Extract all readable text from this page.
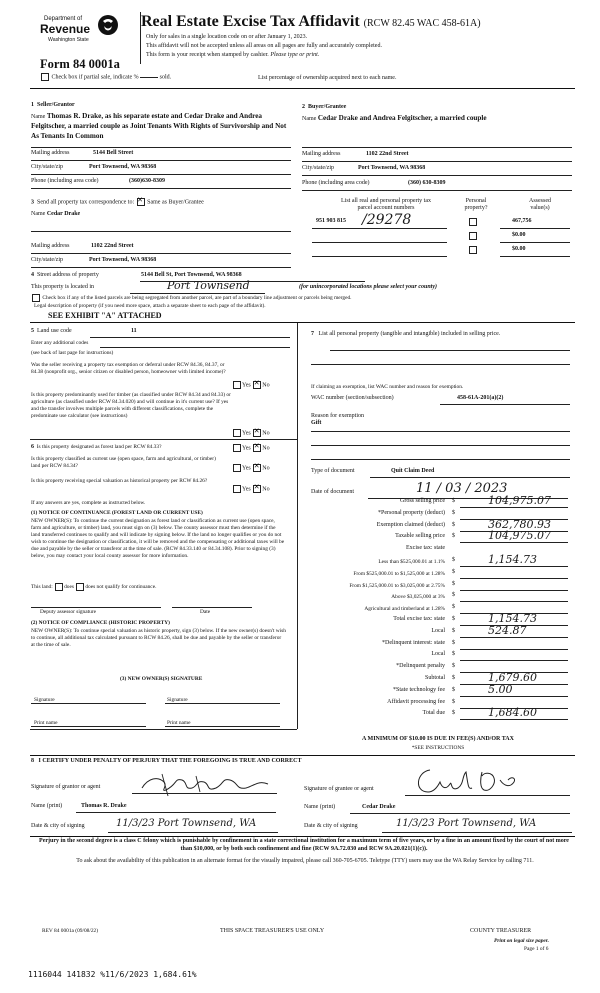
Department of
Revenue
Washington State
Form 84 0001a
Real Estate Excise Tax Affidavit (RCW 82.45 WAC 458-61A)
Only for sales in a single location code on or after January 1, 2023.
This affidavit will not be accepted unless all areas on all pages are fully and accurately completed.
This form is your receipt when stamped by cashier. Please type or print.
Check box if partial sale, indicate %	sold.	List percentage of ownership acquired next to each name.
1 Seller/Grantor
Name Thomas R. Drake, as his separate estate and Cedar Drake and Andrea Felgitscher, a married couple as Joint Tenants With Rights of Survivorship and Not As Tenants In Common
Mailing address	5144 Bell Street
City/state/zip	Port Townsend, WA 98368
Phone (including area code)	(360)630-8309
2 Buyer/Grantee
Name Cedar Drake and Andrea Felgitscher, a married couple
Mailing address	1102 22nd Street
City/state/zip	Port Townsend, WA 98368
Phone (including area code)	(360) 630-8309
3 Send all property tax correspondence to: ✕ Same as Buyer/Grantee
Name Cedar Drake
Mailing address	1102 22nd Street
City/state/zip	Port Townsend, WA 98368
List all real and personal property tax
parcel account numbers
Personal
property?
Assessed
value(s)
951 903 815 /29278	467,756
$0.00
$0.00
4 Street address of property	5144 Bell St, Port Townsend, WA 98368
This property is located in	Port Townsend	(for unincorporated locations please select your county)
Check box if any of the listed parcels are being segregated from another parcel, are part of a boundary line adjustment or parcels being merged.
Legal description of property (if you need more space, attach a separate sheet to each page of the affidavit).
SEE EXHIBIT "A" ATTACHED
5 Land use code	11
Enter any additional codes
(see back of last page for instructions)
Was the seller receiving a property tax exemption or deferral under RCW 84.36, 84.37, or 84.38 (nonprofit org., senior citizen or disabled person, homeowner with limited income)?
Yes ✕ No
Is this property predominantly used for timber (as classified under RCW 84.34 and 84.33) or agriculture (as classified under RCW 84.34.020) and will continue in it's current use? If yes and the transfer involves multiple parcels with different classifications, complete the predominate use calculator (see instructions)
Yes ✕ No
6 Is this property designated as forest land per RCW 84.33?	Yes ✕ No
Is this property classified as current use (open space, farm and agricultural, or timber) land per RCW 84.34?	Yes ✕ No
Is this property receiving special valuation as historical property per RCW 84.26?
Yes ✕ No
If any answers are yes, complete as instructed below.
(1) NOTICE OF CONTINUANCE (FOREST LAND OR CURRENT USE)
NEW OWNER(S): To continue the current designation as forest land or classification as current use (open space, farm and agriculture, or timber) land, you must sign on (3) below. The county assessor must then determine if the land transferred continues to qualify and will indicate by signing below. If the land no longer qualifies or you do not wish to continue the designation or classification, it will be removed and the compensating or additional taxes will be due and payable by the seller or transferor at the time of sale. (RCW 84.33.140 or 84.34.108). Prior to signing (3) below, you may contact your local county assessor for more information.
This land: does does not qualify for continuance.
Deputy assessor signature	Date
(2) NOTICE OF COMPLIANCE (HISTORIC PROPERTY)
NEW OWNER(S): To continue special valuation as historic property, sign (3) below. If the new owner(s) doesn't wish to continue, all additional tax calculated pursuant to RCW 84.26, shall be due and payable by the seller or transferor at the time of sale.
(3) NEW OWNER(S) SIGNATURE
Signature	Signature
Print name	Print name
7 List all personal property (tangible and intangible) included in selling price.
If claiming an exemption, list WAC number and reason for exemption.
WAC number (section/subsection)	458-61A-201(a)(2)
Reason for exemption
Gift
Type of document	Quit Claim Deed
Date of document	11 / 03 / 2023
Gross selling price $	104,975.07
*Personal property (deduct) $
Exemption claimed (deduct) $	362,780.93
Taxable selling price $	104,975.07
Excise tax: state
Less than $525,000.01 at 1.1% $	1,154.73
From $525,000.01 to $1,525,000 at 1.28% $
From $1,525,000.01 to $3,025,000 at 2.75% $
Above $3,025,000 at 3% $
Agricultural and timberland at 1.28% $
Total excise tax: state $	1,154.73
Local $	524.87
*Delinquent interest: state $
Local $
*Delinquent penalty $
Subtotal $	1,679.60
*State technology fee $	5.00
Affidavit processing fee $
Total due $	1,684.60
A MINIMUM OF $10.00 IS DUE IN FEE(S) AND/OR TAX
*SEE INSTRUCTIONS
8 I CERTIFY UNDER PENALTY OF PERJURY THAT THE FOREGOING IS TRUE AND CORRECT
Signature of grantor or agent	Signature of grantee or agent
Name (print)	Thomas R. Drake	Name (print)	Cedar Drake
Date & city of signing	11/3/23 Port Townsend, WA	Date & city of signing	11/3/23 Port Townsend, WA
Perjury in the second degree is a class C felony which is punishable by confinement in a state correctional institution for a maximum term of five years, or by a fine in an amount fixed by the court of not more than $10,000, or by both such confinement and fine (RCW 9A.72.030 and RCW 9A.20.021(1)(c)).
To ask about the availability of this publication in an alternate format for the visually impaired, please call 360-705-6705. Teletype (TTY) users may use the WA Relay Service by calling 711.
REV 84 0001a (09/08/22)	THIS SPACE TREASURER'S USE ONLY	COUNTY TREASURER
Print on legal size paper.
Page 1 of 6
1116044 141832 %11/6/2023 1,684.61%
